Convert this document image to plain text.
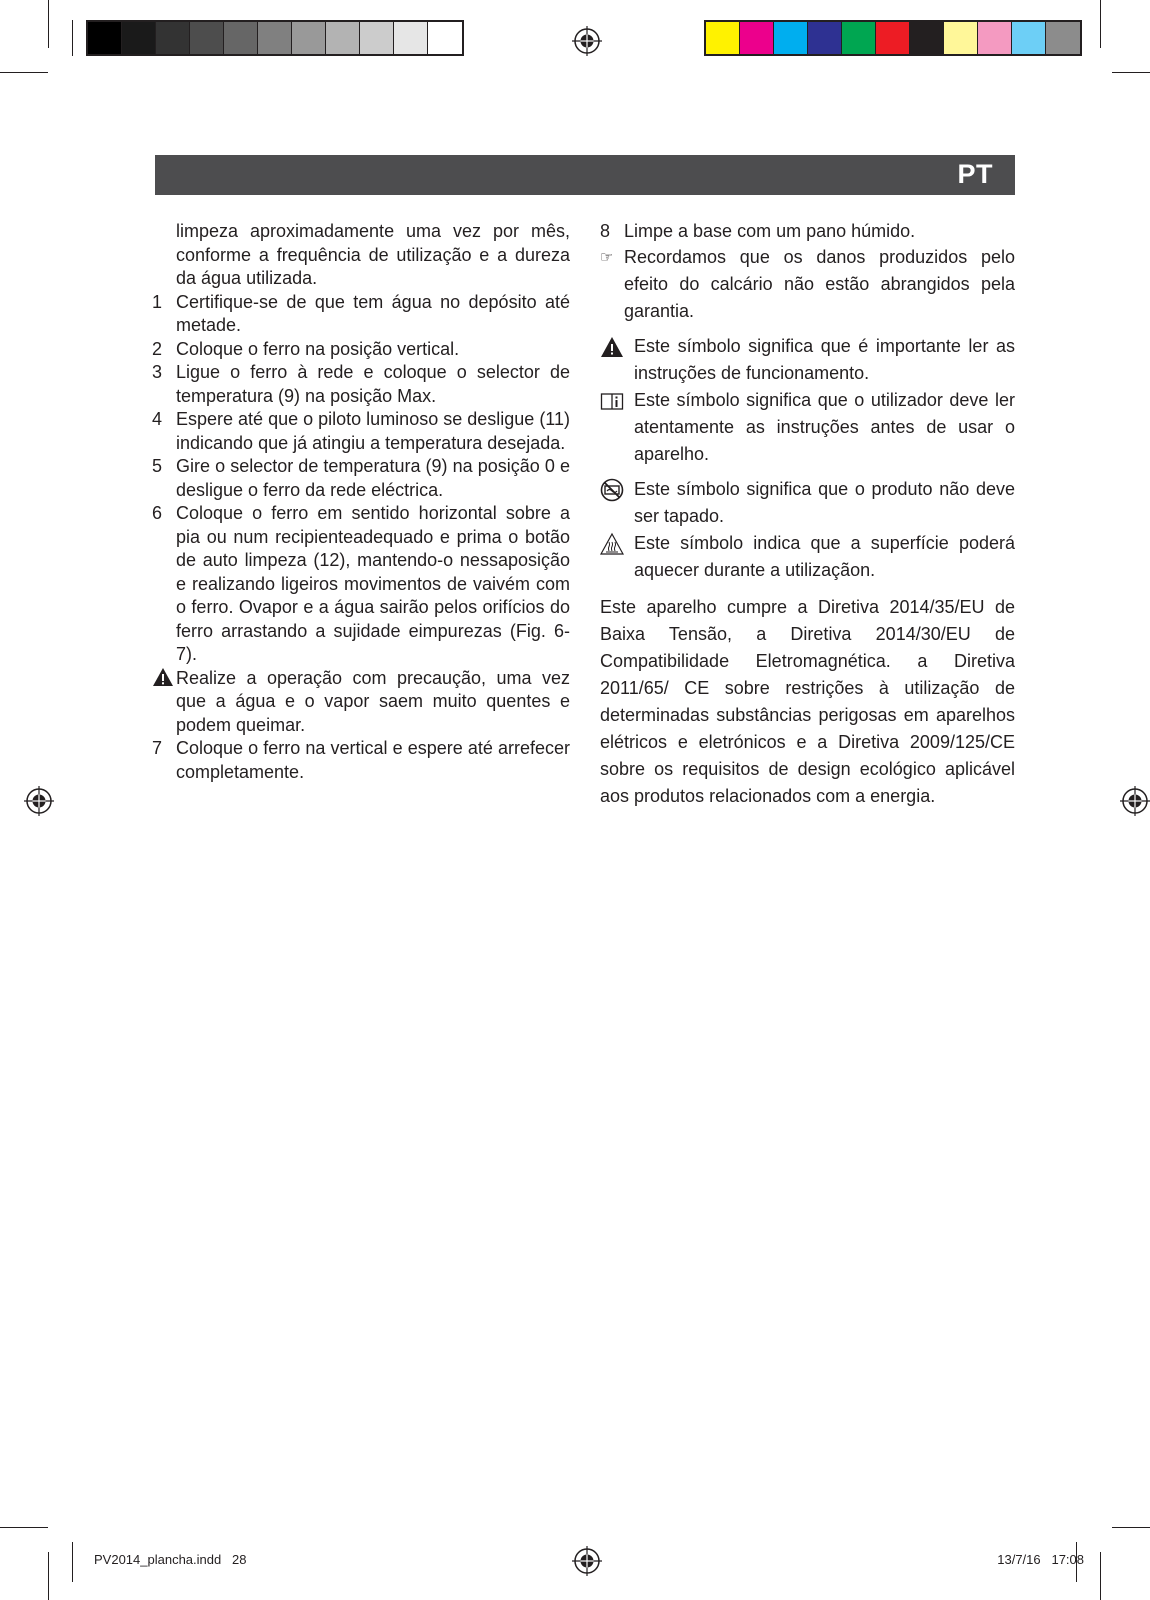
PT
limpeza aproximadamente uma vez por mês, conforme a frequência de utilização e a dureza da água utilizada.
1 Certifique-se de que tem água no depósito até metade.
2 Coloque o ferro na posição vertical.
3 Ligue o ferro à rede e coloque o selector de temperatura (9) na posição Max.
4 Espere até que o piloto luminoso se desligue (11) indicando que já atingiu a temperatura desejada.
5 Gire o selector de temperatura (9) na posição 0 e desligue o ferro da rede eléctrica.
6 Coloque o ferro em sentido horizontal sobre a pia ou num recipienteadequado e prima o botão de auto limpeza (12), mantendo-o nessaposição e realizando ligeiros movimentos de vaivém com o ferro. Ovapor e a água sairão pelos orifícios do ferro arrastando a sujidade eimpurezas (Fig. 6-7).
Realize a operação com precaução, uma vez que a água e o vapor saem muito quentes e podem queimar.
7 Coloque o ferro na vertical e espere até arrefecer completamente.
8 Limpe a base com um pano húmido.
☞ Recordamos que os danos produzidos pelo efeito do calcário não estão abrangidos pela garantia.
Este símbolo significa que é importante ler as instruções de funcionamento.
Este símbolo significa que o utilizador deve ler atentamente as instruções antes de usar o aparelho.
Este símbolo significa que o produto não deve ser tapado.
Este símbolo indica que a superfície poderá aquecer durante a utilizaçãon.
Este aparelho cumpre a Diretiva 2014/35/EU de Baixa Tensão, a Diretiva 2014/30/EU de Compatibilidade Eletromagnética. a Diretiva 2011/65/ CE sobre restrições à utilização de determinadas substâncias perigosas em aparelhos elétricos e eletrónicos e a Diretiva 2009/125/CE sobre os requisitos de design ecológico aplicável aos produtos relacionados com a energia.
PV2014_plancha.indd   28	13/7/16   17:08
